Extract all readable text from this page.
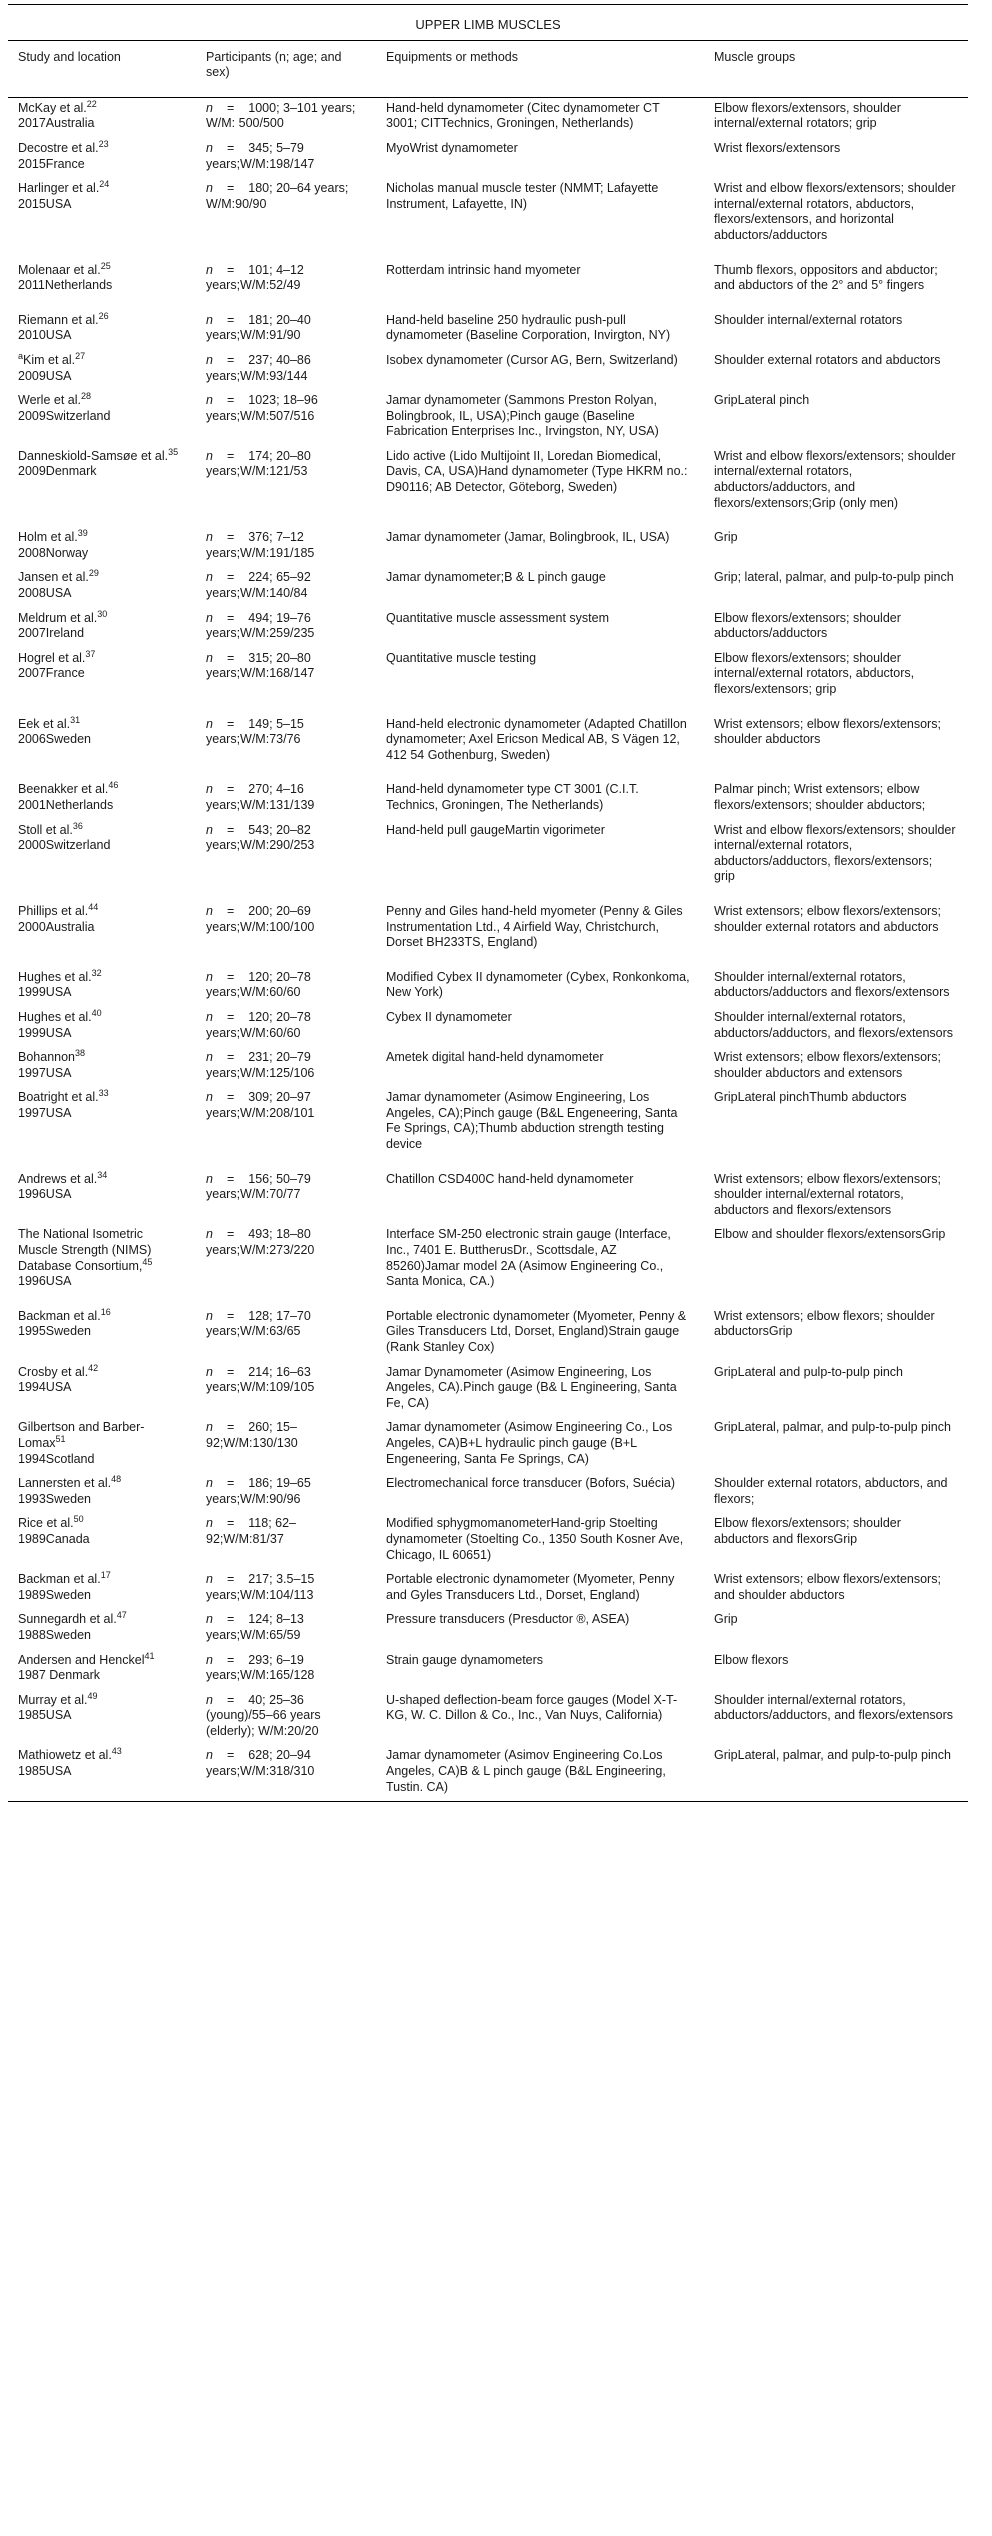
UPPER LIMB MUSCLES			
Study and location	Participants (n; age; and sex)	Equipments or methods	Muscle groups
McKay et al.$^{22}$
2017Australia	n = 1000; 3–101 years; W/M: 500/500	Hand-held dynamometer (Citec dynamometer CT 3001; CITTechnics, Groningen, Netherlands)	Elbow flexors/extensors, shoulder internal/external rotators; grip
Decostre et al.$^{23}$
2015France	n = 345; 5–79 years;W/M:198/147	MyoWrist dynamometer	Wrist flexors/extensors
Harlinger et al.$^{24}$
2015USA	n = 180; 20–64 years; W/M:90/90	Nicholas manual muscle tester (NMMT; Lafayette Instrument, Lafayette, IN)	Wrist and elbow flexors/extensors; shoulder internal/external rotators, abductors, flexors/extensors, and horizontal abductors/adductors
Molenaar et al.$^{25}$
2011Netherlands	n = 101; 4–12 years;W/M:52/49	Rotterdam intrinsic hand myometer	Thumb flexors, oppositors and abductor; and abductors of the 2° and 5° fingers
Riemann et al.$^{26}$
2010USA	n = 181; 20–40 years;W/M:91/90	Hand-held baseline 250 hydraulic push-pull dynamometer (Baseline Corporation, Invirgton, NY)	Shoulder internal/external rotators
$^a$Kim et al.$^{27}$
2009USA	n = 237; 40–86 years;W/M:93/144	Isobex dynamometer (Cursor AG, Bern, Switzerland)	Shoulder external rotators and abductors
Werle et al.$^{28}$
2009Switzerland	n = 1023; 18–96 years;W/M:507/516	Jamar dynamometer (Sammons Preston Rolyan, Bolingbrook, IL, USA);Pinch gauge (Baseline Fabrication Enterprises Inc., Irvingston, NY, USA)	GripLateral pinch
Danneskiold-Samsøe et al.$^{35}$
2009Denmark	n = 174; 20–80 years;W/M:121/53	Lido active (Lido Multijoint II, Loredan Biomedical, Davis, CA, USA)Hand dynamometer (Type HKRM no.: D90116; AB Detector, Göteborg, Sweden)	Wrist and elbow flexors/extensors; shoulder internal/external rotators, abductors/adductors, and flexors/extensors;Grip (only men)
Holm et al.$^{39}$
2008Norway	n = 376; 7–12 years;W/M:191/185	Jamar dynamometer (Jamar, Bolingbrook, IL, USA)	Grip
Jansen et al.$^{29}$
2008USA	n = 224; 65–92 years;W/M:140/84	Jamar dynamometer;B & L pinch gauge	Grip; lateral, palmar, and pulp-to-pulp pinch
Meldrum et al.$^{30}$
2007Ireland	n = 494; 19–76 years;W/M:259/235	Quantitative muscle assessment system	Elbow flexors/extensors; shoulder abductors/adductors
Hogrel et al.$^{37}$
2007France	n = 315; 20–80 years;W/M:168/147	Quantitative muscle testing	Elbow flexors/extensors; shoulder internal/external rotators, abductors, flexors/extensors; grip
Eek et al.$^{31}$
2006Sweden	n = 149; 5–15 years;W/M:73/76	Hand-held electronic dynamometer (Adapted Chatillon dynamometer; Axel Ericson Medical AB, S Vägen 12, 412 54 Gothenburg, Sweden)	Wrist extensors; elbow flexors/extensors; shoulder abductors
Beenakker et al.$^{46}$
2001Netherlands	n = 270; 4–16 years;W/M:131/139	Hand-held dynamometer type CT 3001 (C.I.T. Technics, Groningen, The Netherlands)	Palmar pinch; Wrist extensors; elbow flexors/extensors; shoulder abductors;
Stoll et al.$^{36}$
2000Switzerland	n = 543; 20–82 years;W/M:290/253	Hand-held pull gaugeMartin vigorimeter	Wrist and elbow flexors/extensors; shoulder internal/external rotators, abductors/adductors, flexors/extensors; grip
Phillips et al.$^{44}$
2000Australia	n = 200; 20–69 years;W/M:100/100	Penny and Giles hand-held myometer (Penny & Giles Instrumentation Ltd., 4 Airfield Way, Christchurch, Dorset BH233TS, England)	Wrist extensors; elbow flexors/extensors; shoulder external rotators and abductors
Hughes et al.$^{32}$
1999USA	n = 120; 20–78 years;W/M:60/60	Modified Cybex II dynamometer (Cybex, Ronkonkoma, New York)	Shoulder internal/external rotators, abductors/adductors and flexors/extensors
Hughes et al.$^{40}$
1999USA	n = 120; 20–78 years;W/M:60/60	Cybex II dynamometer	Shoulder internal/external rotators, abductors/adductors, and flexors/extensors
Bohannon$^{38}$
1997USA	n = 231; 20–79 years;W/M:125/106	Ametek digital hand-held dynamometer	Wrist extensors; elbow flexors/extensors; shoulder abductors and extensors
Boatright et al.$^{33}$
1997USA	n = 309; 20–97 years;W/M:208/101	Jamar dynamometer (Asimow Engineering, Los Angeles, CA);Pinch gauge (B&L Engeneering, Santa Fe Springs, CA);Thumb abduction strength testing device	GripLateral pinchThumb abductors
Andrews et al.$^{34}$
1996USA	n = 156; 50–79 years;W/M:70/77	Chatillon CSD400C hand-held dynamometer	Wrist extensors; elbow flexors/extensors; shoulder internal/external rotators, abductors and flexors/extensors
The National Isometric Muscle Strength (NIMS) Database Consortium,$^{45}$
1996USA	n = 493; 18–80 years;W/M:273/220	Interface SM-250 electronic strain gauge (Interface, Inc., 7401 E. ButtherusDr., Scottsdale, AZ 85260)Jamar model 2A (Asimow Engineering Co., Santa Monica, CA.)	Elbow and shoulder flexors/extensorsGrip
Backman et al.$^{16}$
1995Sweden	n = 128; 17–70 years;W/M:63/65	Portable electronic dynamometer (Myometer, Penny & Giles Transducers Ltd, Dorset, England)Strain gauge (Rank Stanley Cox)	Wrist extensors; elbow flexors; shoulder abductorsGrip
Crosby et al.$^{42}$
1994USA	n = 214; 16–63 years;W/M:109/105	Jamar Dynamometer (Asimow Engineering, Los Angeles, CA).Pinch gauge (B& L Engineering, Santa Fe, CA)	GripLateral and pulp-to-pulp pinch
Gilbertson and Barber-Lomax$^{51}$
1994Scotland	n = 260; 15–92;W/M:130/130	Jamar dynamometer (Asimow Engineering Co., Los Angeles, CA)B+L hydraulic pinch gauge (B+L Engeneering, Santa Fe Springs, CA)	GripLateral, palmar, and pulp-to-pulp pinch
Lannersten et al.$^{48}$
1993Sweden	n = 186; 19–65 years;W/M:90/96	Electromechanical force transducer (Bofors, Suécia)	Shoulder external rotators, abductors, and flexors;
Rice et al.$^{50}$
1989Canada	n = 118; 62–92;W/M:81/37	Modified sphygmomanometerHand-grip Stoelting dynamometer (Stoelting Co., 1350 South Kosner Ave, Chicago, IL 60651)	Elbow flexors/extensors; shoulder abductors and flexorsGrip
Backman et al.$^{17}$
1989Sweden	n = 217; 3.5–15 years;W/M:104/113	Portable electronic dynamometer (Myometer, Penny and Gyles Transducers Ltd., Dorset, England)	Wrist extensors; elbow flexors/extensors; and shoulder abductors
Sunnegardh et al.$^{47}$
1988Sweden	n = 124; 8–13 years;W/M:65/59	Pressure transducers (Presductor ®, ASEA)	Grip
Andersen and Henckel$^{41}$
1987 Denmark	n = 293; 6–19 years;W/M:165/128	Strain gauge dynamometers	Elbow flexors
Murray et al.$^{49}$
1985USA	n = 40; 25–36 (young)/55–66 years (elderly); W/M:20/20	U-shaped deflection-beam force gauges (Model X-T-KG, W. C. Dillon & Co., Inc., Van Nuys, California)	Shoulder internal/external rotators, abductors/adductors, and flexors/extensors
Mathiowetz et al.$^{43}$
1985USA	n = 628; 20–94 years;W/M:318/310	Jamar dynamometer (Asimov Engineering Co.Los Angeles, CA)B & L pinch gauge (B&L Engineering, Tustin. CA)	GripLateral, palmar, and pulp-to-pulp pinch
